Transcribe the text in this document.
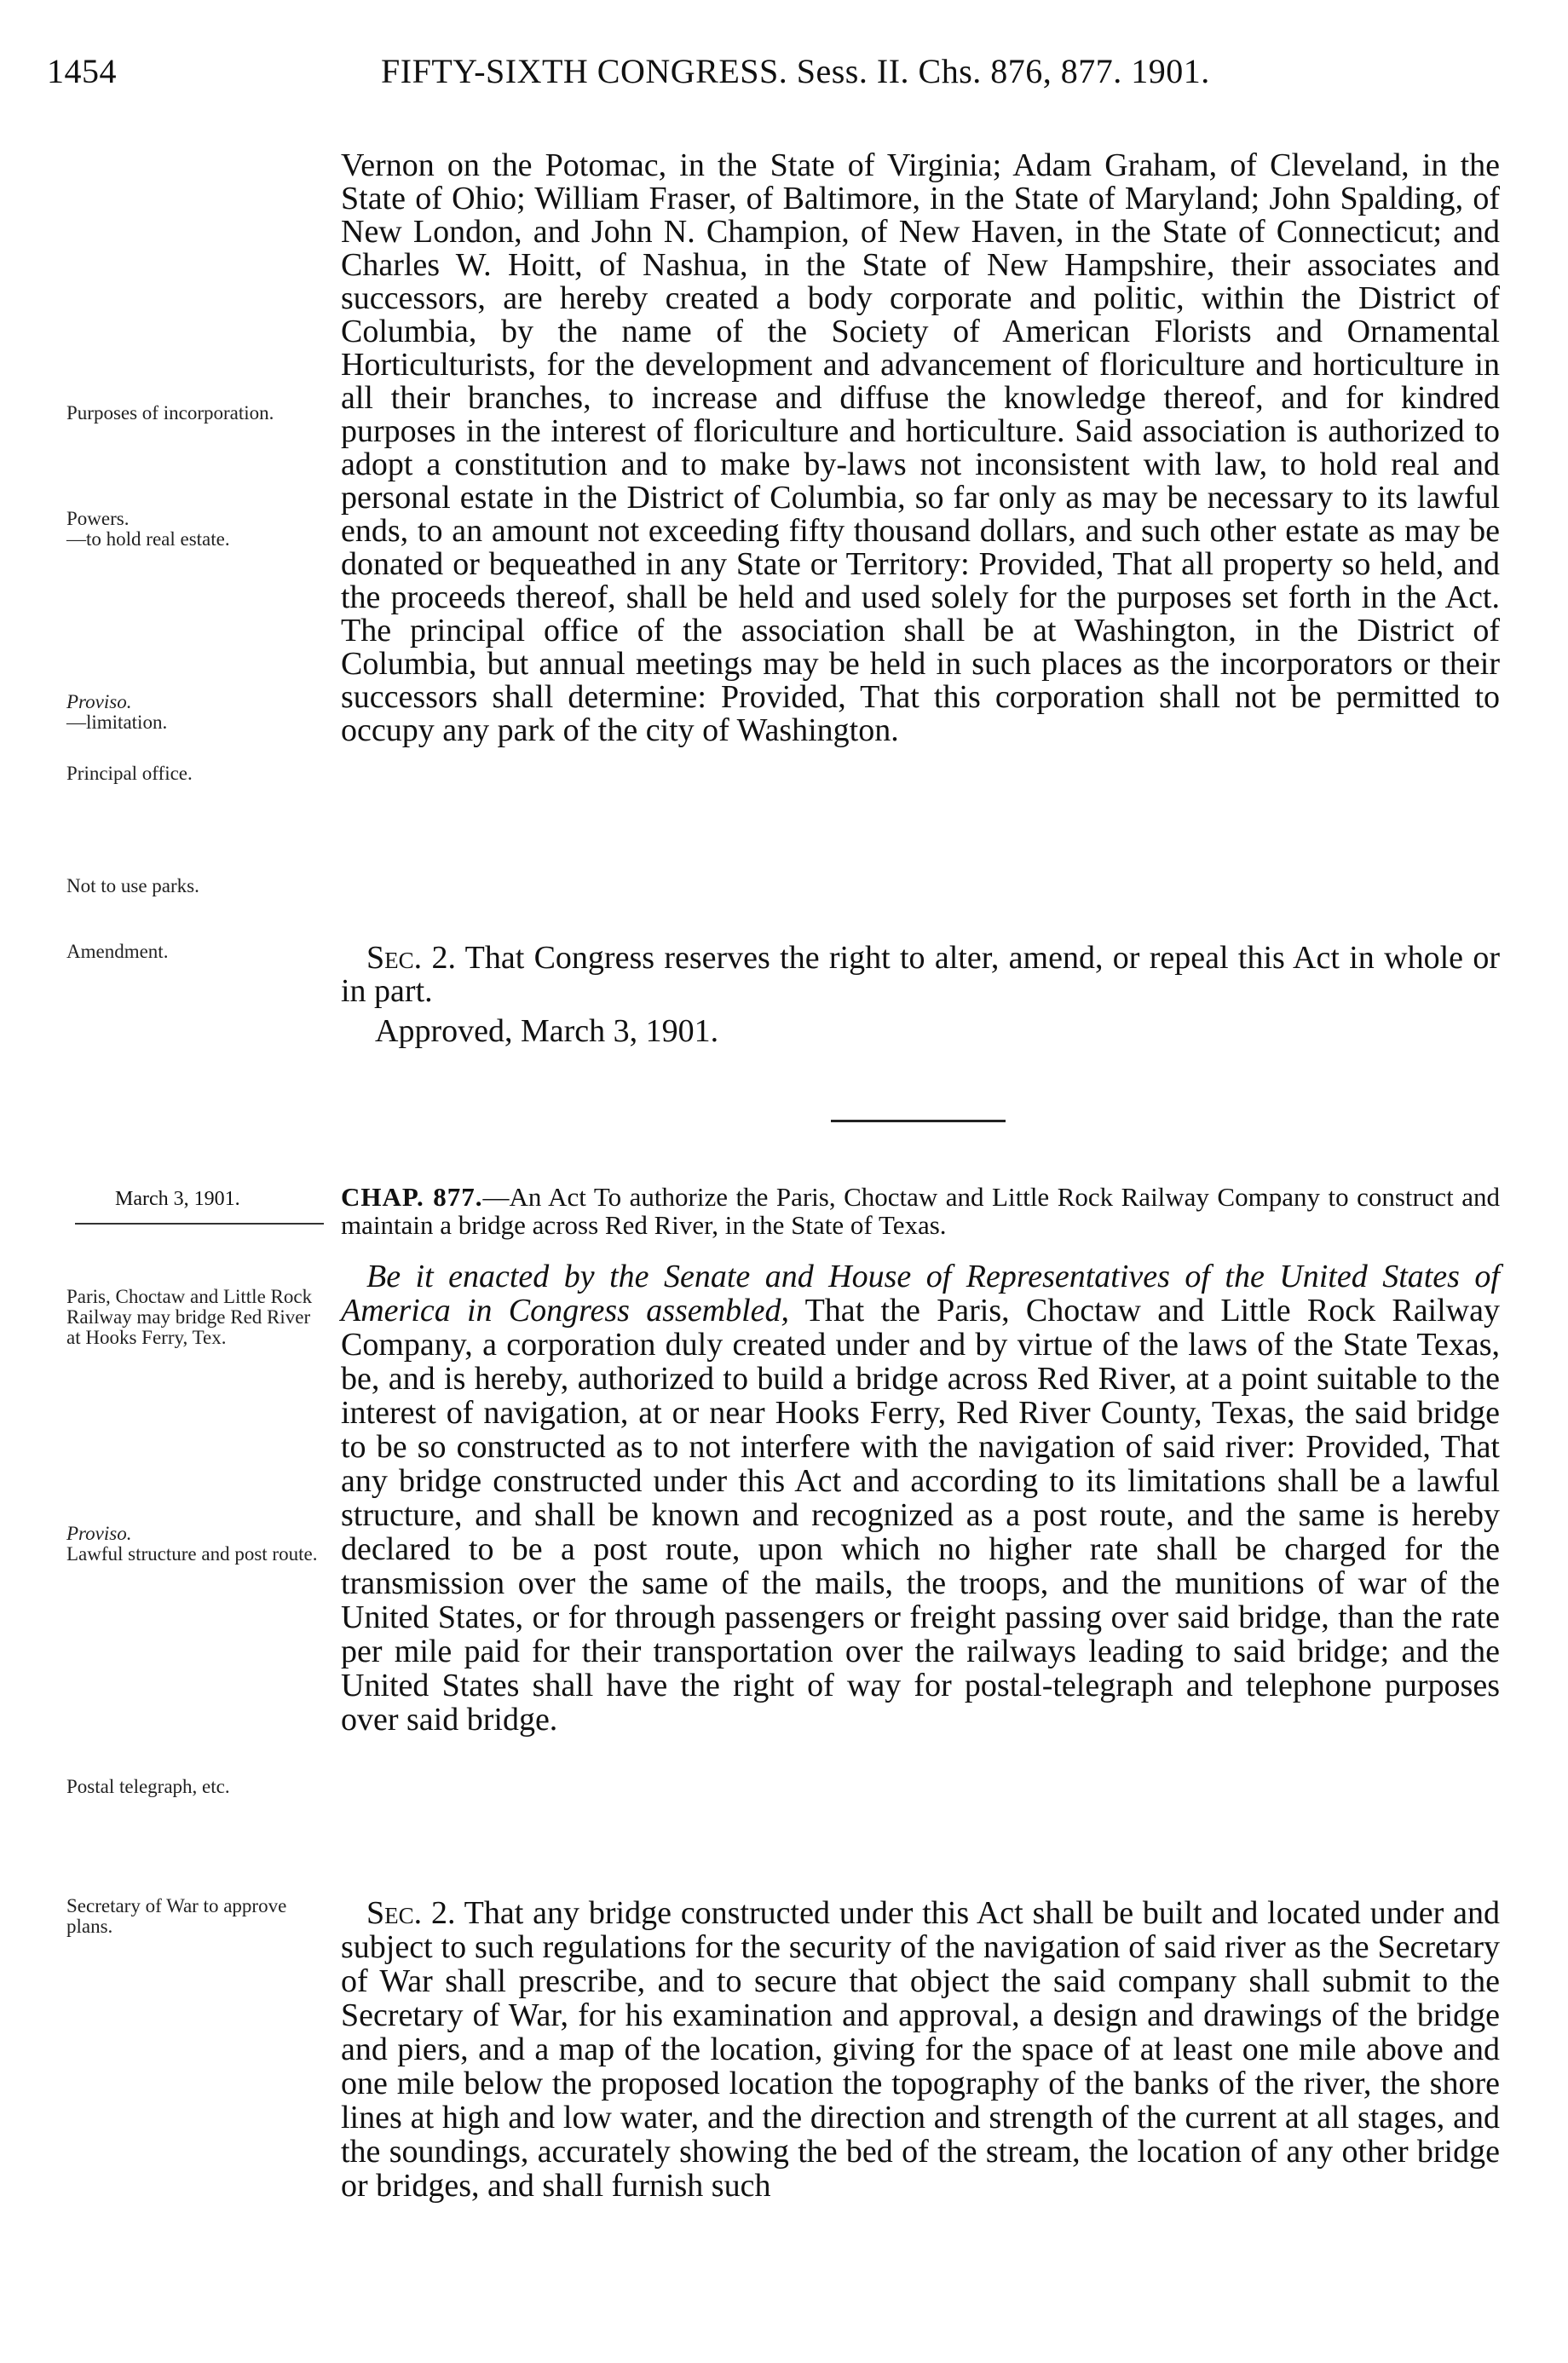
1454	FIFTY-SIXTH CONGRESS. Sess. II. Chs. 876, 877. 1901.

Vernon on the Potomac, in the State of Virginia; Adam Graham, of Cleveland, in the State of Ohio; William Fraser, of Baltimore, in the State of Maryland; John Spalding, of New London, and John N. Champion, of New Haven, in the State of Connecticut; and Charles W. Hoitt, of Nashua, in the State of New Hampshire, their associates and successors, are hereby created a body corporate and politic, within the District of Columbia, by the name of the Society of American Florists and Ornamental Horticulturists, for the development and advancement of floriculture and horticulture in all their branches, to increase and diffuse the knowledge thereof, and for kindred purposes in the interest of floriculture and horticulture. Said association is authorized to adopt a constitution and to make by-laws not inconsistent with law, to hold real and personal estate in the District of Columbia, so far only as may be necessary to its lawful ends, to an amount not exceeding fifty thousand dollars, and such other estate as may be donated or bequeathed in any State or Territory: Provided, That all property so held, and the proceeds thereof, shall be held and used solely for the purposes set forth in the Act. The principal office of the association shall be at Washington, in the District of Columbia, but annual meetings may be held in such places as the incorporators or their successors shall determine: Provided, That this corporation shall not be permitted to occupy any park of the city of Washington.

Sec. 2. That Congress reserves the right to alter, amend, or repeal this Act in whole or in part.

Approved, March 3, 1901.
Purposes of incorporation.
Powers.
—to hold real estate.
Proviso.
—limitation.
Principal office.
Not to use parks.
Amendment.
March 3, 1901.	CHAP. 877.—An Act To authorize the Paris, Choctaw and Little Rock Railway Company to construct and maintain a bridge across Red River, in the State of Texas.

Be it enacted by the Senate and House of Representatives of the United States of America in Congress assembled, That the Paris, Choctaw and Little Rock Railway Company, a corporation duly created under and by virtue of the laws of the State Texas, be, and is hereby, authorized to build a bridge across Red River, at a point suitable to the interest of navigation, at or near Hooks Ferry, Red River County, Texas, the said bridge to be so constructed as to not interfere with the navigation of said river: Provided, That any bridge constructed under this Act and according to its limitations shall be a lawful structure, and shall be known and recognized as a post route, and the same is hereby declared to be a post route, upon which no higher rate shall be charged for the transmission over the same of the mails, the troops, and the munitions of war of the United States, or for through passengers or freight passing over said bridge, than the rate per mile paid for their transportation over the railways leading to said bridge; and the United States shall have the right of way for postal-telegraph and telephone purposes over said bridge.

Sec. 2. That any bridge constructed under this Act shall be built and located under and subject to such regulations for the security of the navigation of said river as the Secretary of War shall prescribe, and to secure that object the said company shall submit to the Secretary of War, for his examination and approval, a design and drawings of the bridge and piers, and a map of the location, giving for the space of at least one mile above and one mile below the proposed location the topography of the banks of the river, the shore lines at high and low water, and the direction and strength of the current at all stages, and the soundings, accurately showing the bed of the stream, the location of any other bridge or bridges, and shall furnish such

Paris, Choctaw and Little Rock Railway may bridge Red River at Hooks Ferry, Tex.
Proviso.
Lawful structure and post route.
Postal telegraph, etc.
Secretary of War to approve plans.
